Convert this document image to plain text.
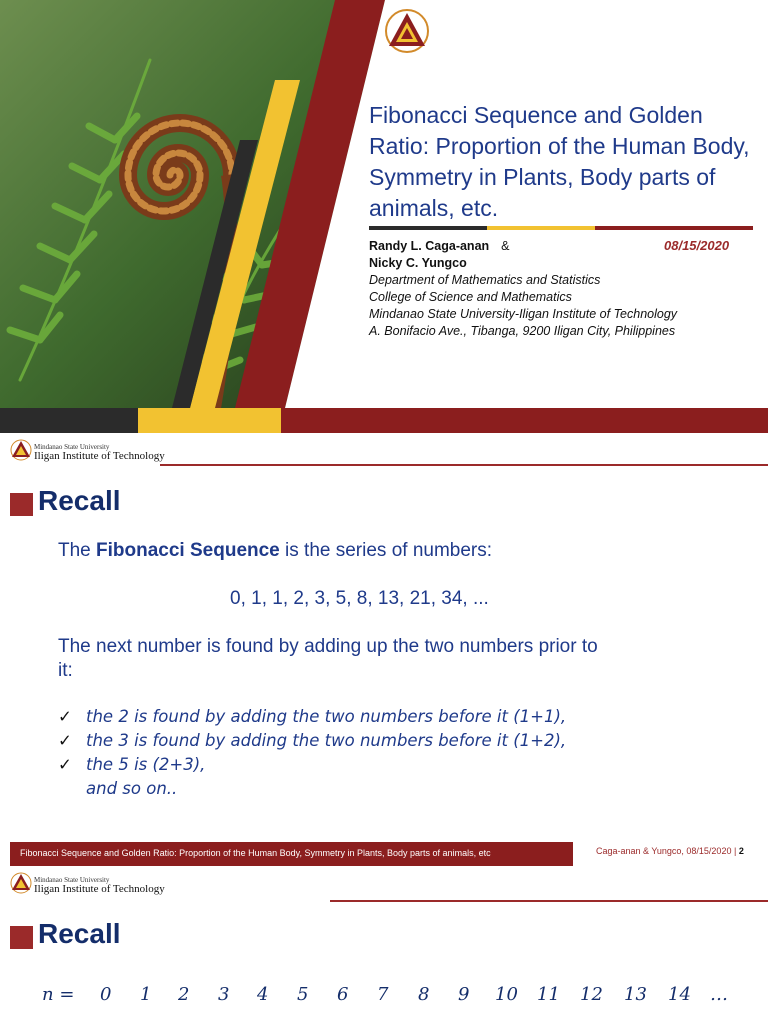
Fibonacci Sequence and Golden Ratio: Proportion of the Human Body, Symmetry in Plants, Body parts of animals, etc.
Randy L. Caga-anan &
Nicky C. Yungco
08/15/2020
Department of Mathematics and Statistics
College of Science and Mathematics
Mindanao State University-Iligan Institute of Technology
A. Bonifacio Ave., Tibanga, 9200 Iligan City, Philippines
Mindanao State University
Iligan Institute of Technology
Recall
The Fibonacci Sequence is the series of numbers:
0, 1, 1, 2, 3, 5, 8, 13, 21, 34, ...
The next number is found by adding up the two numbers prior to
it:
✓ the 2 is found by adding the two numbers before it (1+1),
✓ the 3 is found by adding the two numbers before it (1+2),
✓ the 5 is (2+3),
and so on..
Fibonacci Sequence and Golden Ratio: Proportion of the Human Body, Symmetry in Plants, Body parts of animals, etc	Caga-anan & Yungco, 08/15/2020 | 2
Mindanao State University
Iligan Institute of Technology
Recall
n = 0 1 2 3 4 5 6 7 8 9 10 11 12 13 14 …
